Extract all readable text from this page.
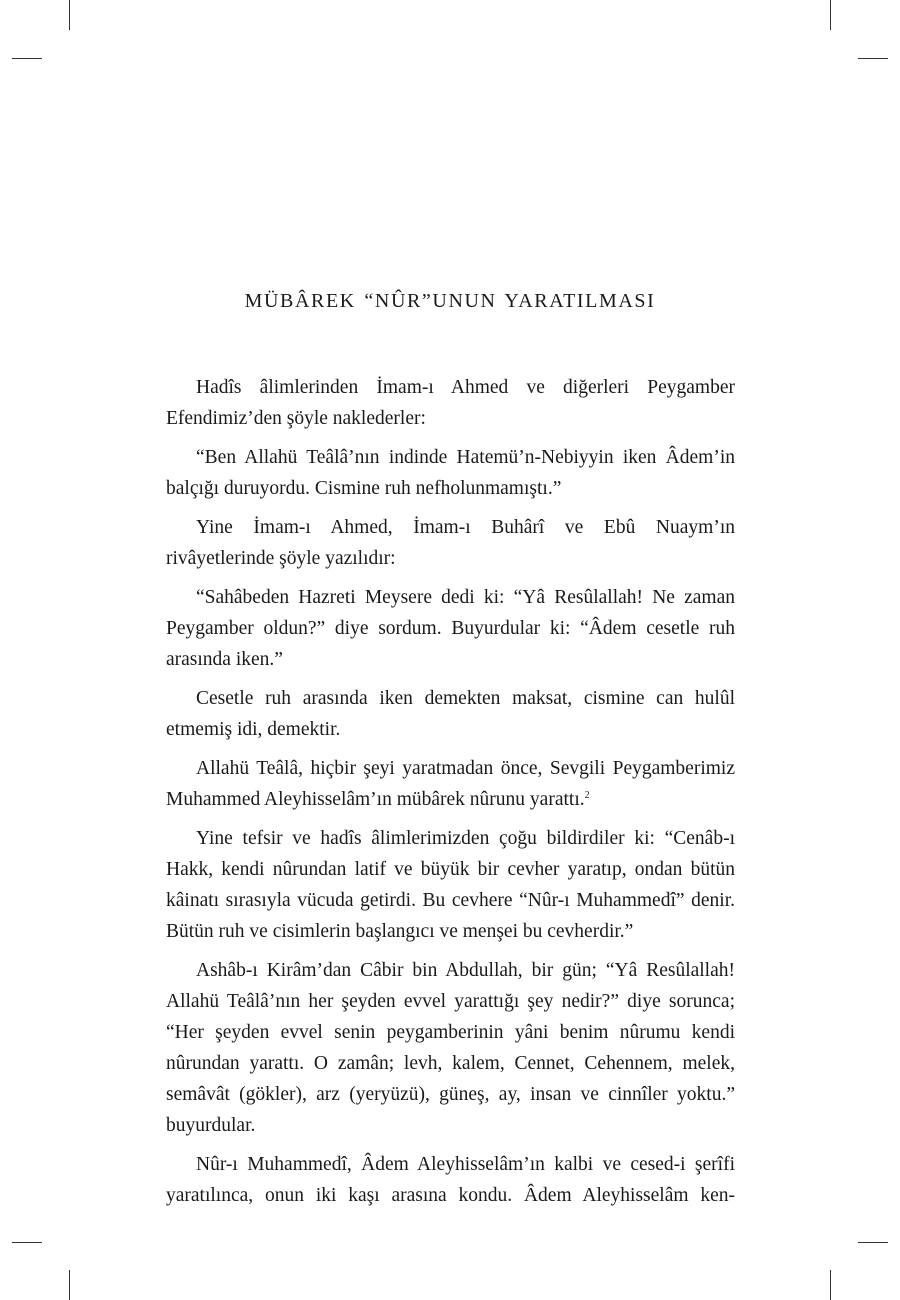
MÜBÂREK “NÛR”UNUN YARATILMASI

Hadîs âlimlerinden İmam-ı Ahmed ve diğerleri Peygamber Efendimiz’den şöyle naklederler:

“Ben Allahü Teâlâ’nın indinde Hatemü’n-Nebiyyin iken Âdem’in balçığı duruyordu. Cismine ruh nefholunmamıştı.”

Yine İmam-ı Ahmed, İmam-ı Buhârî ve Ebû Nuaym’ın rivâyetlerinde şöyle yazılıdır:

“Sahâbeden Hazreti Meysere dedi ki: “Yâ Resûlallah! Ne zaman Peygamber oldun?” diye sordum. Buyurdular ki: “Âdem cesetle ruh arasında iken.”

Cesetle ruh arasında iken demekten maksat, cismine can hulûl etmemiş idi, demektir.

Allahü Teâlâ, hiçbir şeyi yaratmadan önce, Sevgili Peygamberimiz Muhammed Aleyhisselâm’ın mübârek nûrunu yarattı.$^2$

Yine tefsir ve hadîs âlimlerimizden çoğu bildirdiler ki: “Cenâb-ı Hakk, kendi nûrundan latif ve büyük bir cevher yaratıp, ondan bütün kâinatı sırasıyla vücuda getirdi. Bu cevhere “Nûr-ı Muhammedî” denir. Bütün ruh ve cisimlerin başlangıcı ve menşei bu cevherdir.”

Ashâb-ı Kirâm’dan Câbir bin Abdullah, bir gün; “Yâ Resûlallah! Allahü Teâlâ’nın her şeyden evvel yarattığı şey nedir?” diye sorunca; “Her şeyden evvel senin peygamberinin yâni benim nûrumu kendi nûrundan yarattı. O zamân; levh, kalem, Cennet, Cehennem, melek, semâvât (gökler), arz (yeryüzü), güneş, ay, insan ve cinnîler yoktu.” buyurdular.

Nûr-ı Muhammedî, Âdem Aleyhisselâm’ın kalbi ve cesed-i şerîfi yaratılınca, onun iki kaşı arasına kondu. Âdem Aleyhisselâm ken-
